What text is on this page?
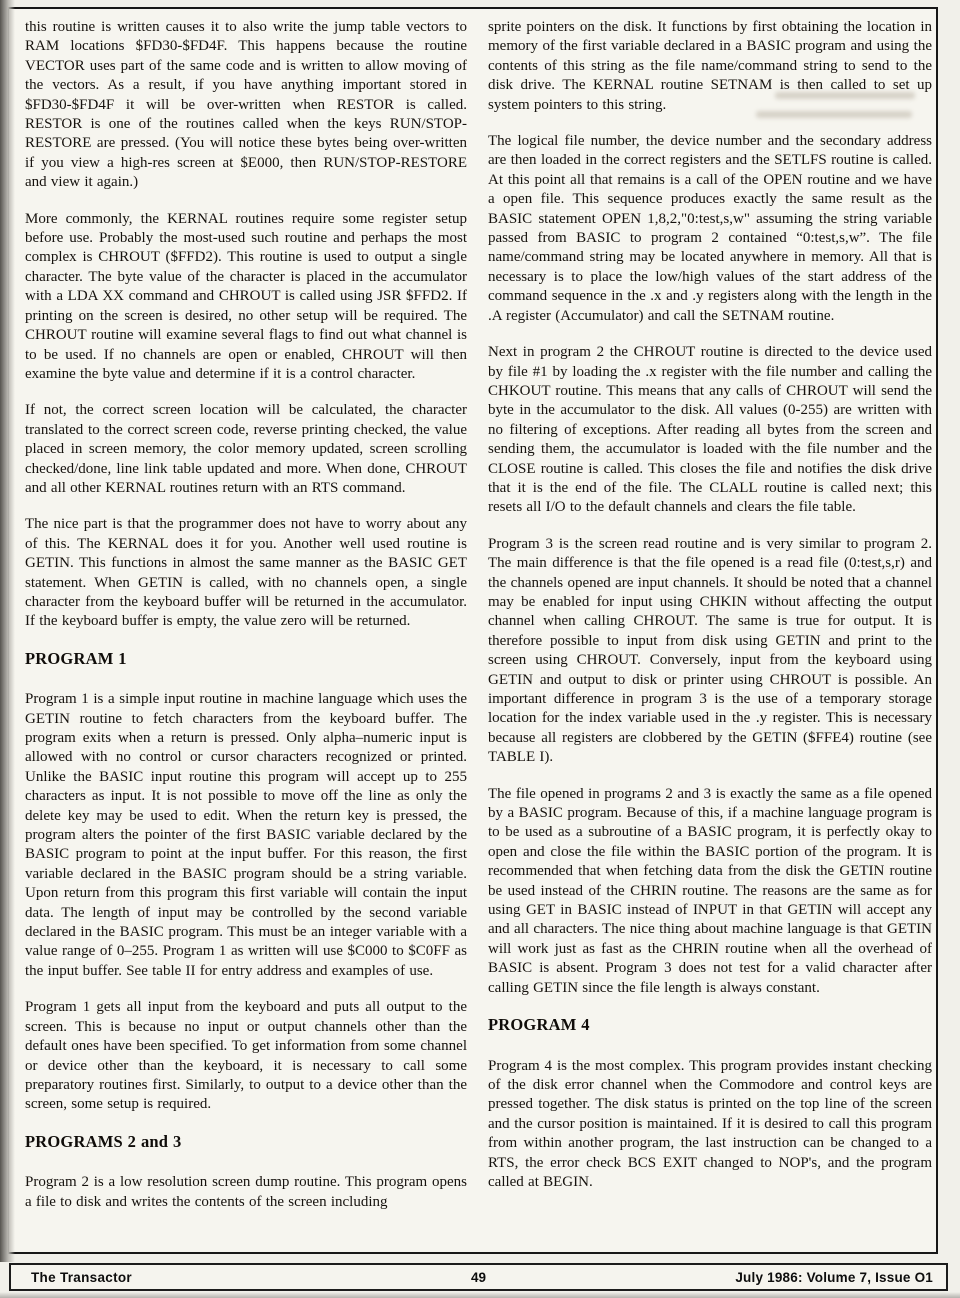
this routine is written causes it to also write the jump table vectors to RAM locations $FD30-$FD4F. This happens because the routine VECTOR uses part of the same code and is written to allow moving of the vectors. As a result, if you have anything important stored in $FD30-$FD4F it will be over-written when RESTOR is called. RESTOR is one of the routines called when the keys RUN/STOP-RESTORE are pressed. (You will notice these bytes being over-written if you view a high-res screen at $E000, then RUN/STOP-RESTORE and view it again.)

More commonly, the KERNAL routines require some register setup before use. Probably the most-used such routine and perhaps the most complex is CHROUT ($FFD2). This routine is used to output a single character. The byte value of the character is placed in the accumulator with a LDA XX command and CHROUT is called using JSR $FFD2. If printing on the screen is desired, no other setup will be required. The CHROUT routine will examine several flags to find out what channel is to be used. If no channels are open or enabled, CHROUT will then examine the byte value and determine if it is a control character.

If not, the correct screen location will be calculated, the character translated to the correct screen code, reverse printing checked, the value placed in screen memory, the color memory updated, screen scrolling checked/done, line link table updated and more. When done, CHROUT and all other KERNAL routines return with an RTS command.

The nice part is that the programmer does not have to worry about any of this. The KERNAL does it for you. Another well used routine is GETIN. This functions in almost the same manner as the BASIC GET statement. When GETIN is called, with no channels open, a single character from the keyboard buffer will be returned in the accumulator. If the keyboard buffer is empty, the value zero will be returned.

PROGRAM 1

Program 1 is a simple input routine in machine language which uses the GETIN routine to fetch characters from the keyboard buffer. The program exits when a return is pressed. Only alpha–numeric input is allowed with no control or cursor characters recognized or printed. Unlike the BASIC input routine this program will accept up to 255 characters as input. It is not possible to move off the line as only the delete key may be used to edit. When the return key is pressed, the program alters the pointer of the first BASIC variable declared by the BASIC program to point at the input buffer. For this reason, the first variable declared in the BASIC program should be a string variable. Upon return from this program this first variable will contain the input data. The length of input may be controlled by the second variable declared in the BASIC program. This must be an integer variable with a value range of 0–255. Program 1 as written will use $C000 to $C0FF as the input buffer. See table II for entry address and examples of use.

Program 1 gets all input from the keyboard and puts all output to the screen. This is because no input or output channels other than the default ones have been specified. To get information from some channel or device other than the keyboard, it is necessary to call some preparatory routines first. Similarly, to output to a device other than the screen, some setup is required.

PROGRAMS 2 and 3

Program 2 is a low resolution screen dump routine. This program opens a file to disk and writes the contents of the screen including

sprite pointers on the disk. It functions by first obtaining the location in memory of the first variable declared in a BASIC program and using the contents of this string as the file name/command string to send to the disk drive. The KERNAL routine SETNAM is then called to set up system pointers to this string.

The logical file number, the device number and the secondary address are then loaded in the correct registers and the SETLFS routine is called. At this point all that remains is a call of the OPEN routine and we have a open file. This sequence produces exactly the same result as the BASIC statement OPEN 1,8,2,"0:test,s,w" assuming the string variable passed from BASIC to program 2 contained “0:test,s,w”. The file name/command string may be located anywhere in memory. All that is necessary is to place the low/high values of the start address of the command sequence in the .x and .y registers along with the length in the .A register (Accumulator) and call the SETNAM routine.

Next in program 2 the CHROUT routine is directed to the device used by file #1 by loading the .x register with the file number and calling the CHKOUT routine. This means that any calls of CHROUT will send the byte in the accumulator to the disk. All values (0-255) are written with no filtering of exceptions. After reading all bytes from the screen and sending them, the accumulator is loaded with the file number and the CLOSE routine is called. This closes the file and notifies the disk drive that it is the end of the file. The CLALL routine is called next; this resets all I/O to the default channels and clears the file table.

Program 3 is the screen read routine and is very similar to program 2. The main difference is that the file opened is a read file (0:test,s,r) and the channels opened are input channels. It should be noted that a channel may be enabled for input using CHKIN without affecting the output channel when calling CHROUT. The same is true for output. It is therefore possible to input from disk using GETIN and print to the screen using CHROUT. Conversely, input from the keyboard using GETIN and output to disk or printer using CHROUT is possible. An important difference in program 3 is the use of a temporary storage location for the index variable used in the .y register. This is necessary because all registers are clobbered by the GETIN ($FFE4) routine (see TABLE I).

The file opened in programs 2 and 3 is exactly the same as a file opened by a BASIC program. Because of this, if a machine language program is to be used as a subroutine of a BASIC program, it is perfectly okay to open and close the file within the BASIC portion of the program. It is recommended that when fetching data from the disk the GETIN routine be used instead of the CHRIN routine. The reasons are the same as for using GET in BASIC instead of INPUT in that GETIN will accept any and all characters. The nice thing about machine language is that GETIN will work just as fast as the CHRIN routine when all the overhead of BASIC is absent. Program 3 does not test for a valid character after calling GETIN since the file length is always constant.

PROGRAM 4

Program 4 is the most complex. This program provides instant checking of the disk error channel when the Commodore and control keys are pressed together. The disk status is printed on the top line of the screen and the cursor position is maintained. If it is desired to call this program from within another program, the last instruction can be changed to a RTS, the error check BCS EXIT changed to NOP's, and the program called at BEGIN.

The Transactor	49	July 1986: Volume 7, Issue O1
